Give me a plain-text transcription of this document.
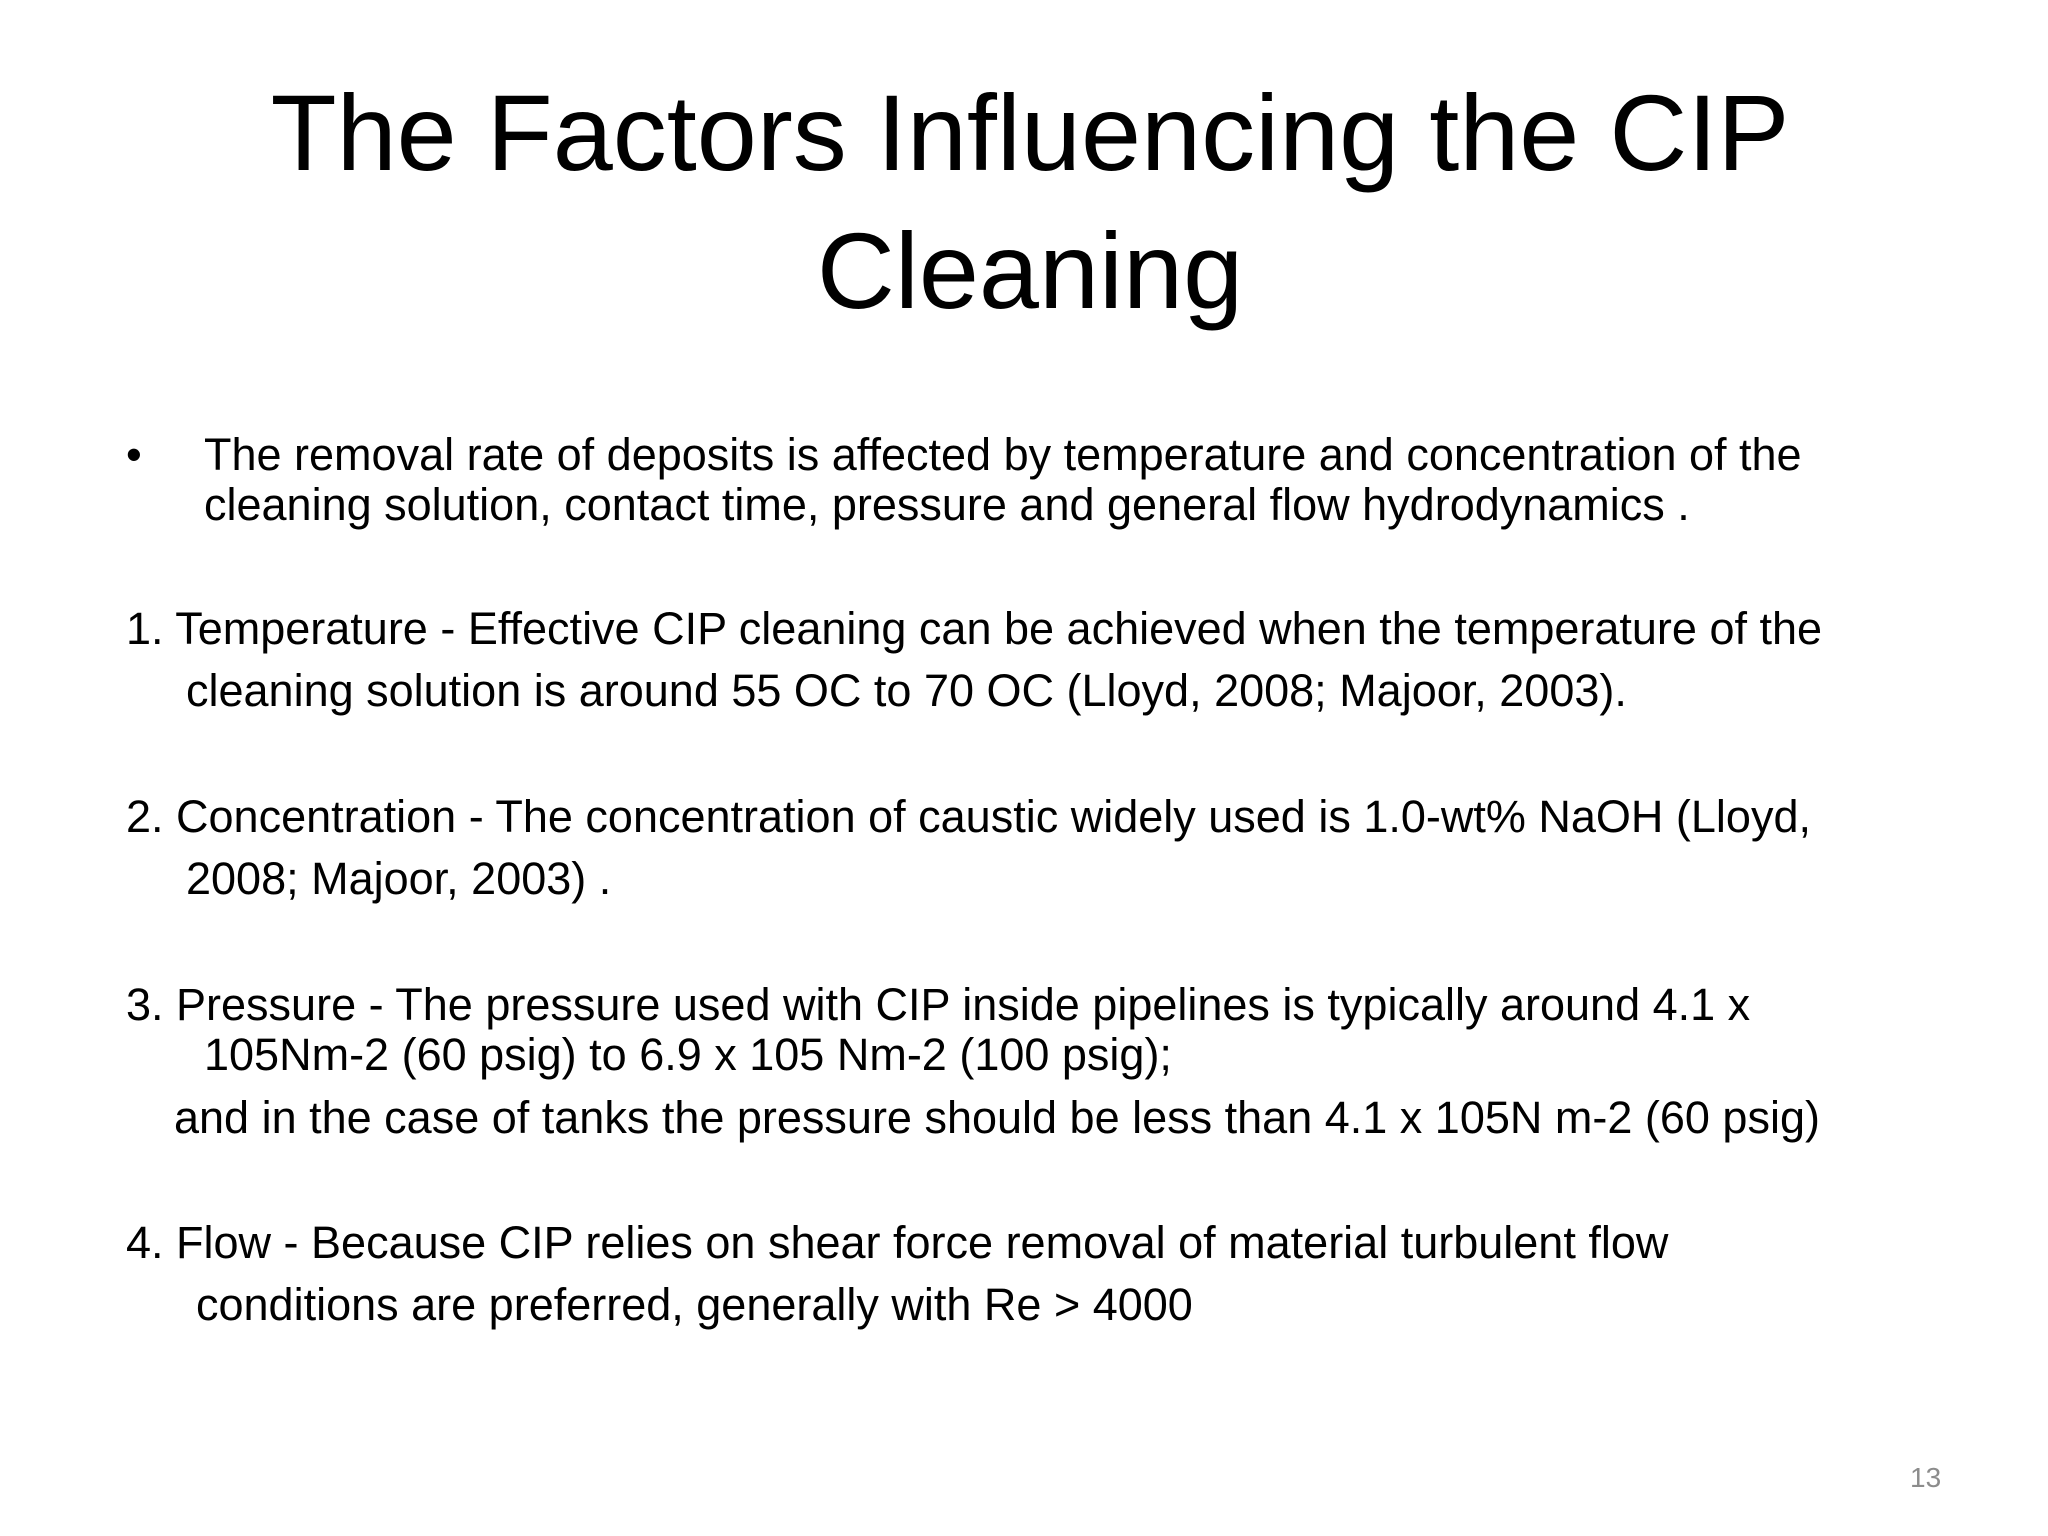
The Factors Influencing the CIP
Cleaning
• The removal rate of deposits is affected by temperature and concentration of the
cleaning solution, contact time, pressure and general flow hydrodynamics .
1. Temperature - Effective CIP cleaning can be achieved when the temperature of the
cleaning solution is around 55 OC to 70 OC (Lloyd, 2008; Majoor, 2003).
2. Concentration - The concentration of caustic widely used is 1.0-wt% NaOH (Lloyd,
2008; Majoor, 2003) .
3. Pressure - The pressure used with CIP inside pipelines is typically around 4.1 x
105Nm-2 (60 psig) to 6.9 x 105 Nm-2 (100 psig);
and in the case of tanks the pressure should be less than 4.1 x 105N m-2 (60 psig)
4. Flow - Because CIP relies on shear force removal of material turbulent flow
conditions are preferred, generally with Re > 4000
13
